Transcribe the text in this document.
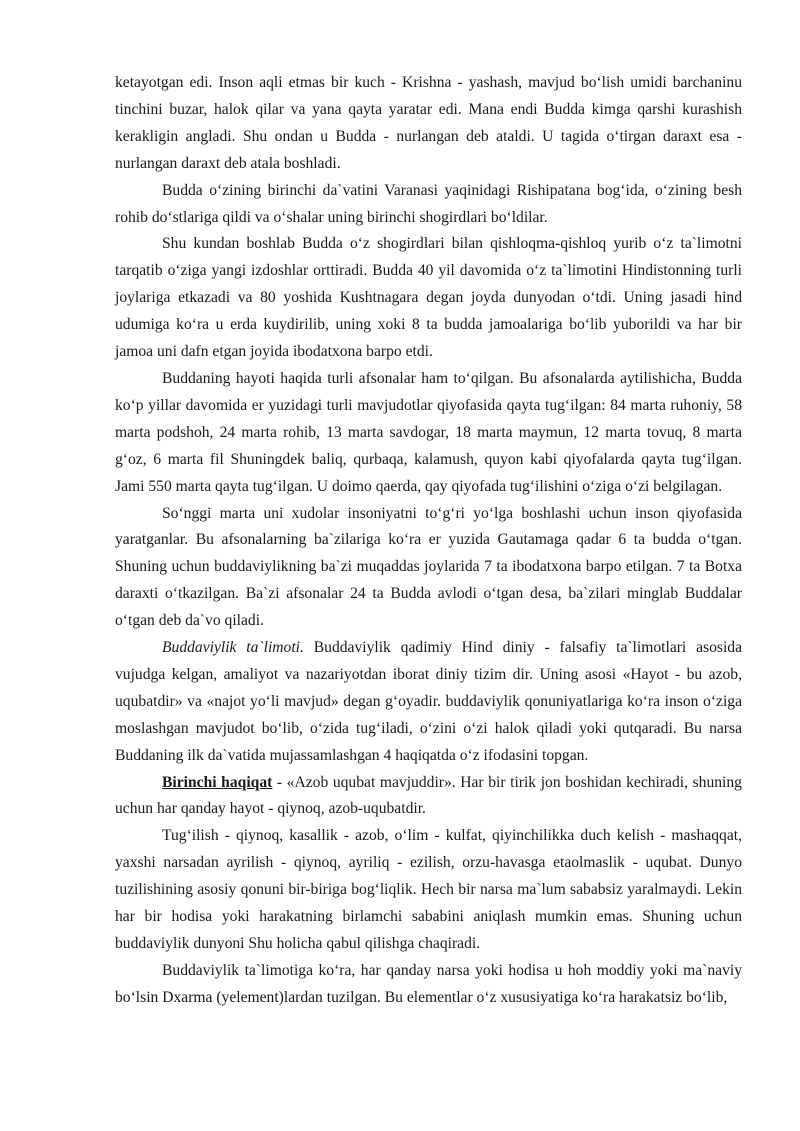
ketayotgan edi. Inson aqli etmas bir kuch - Krishna - yashash, mavjud boʻlish umidi barchaninu tinchini buzar, halok qilar va yana qayta yaratar edi. Mana endi Budda kimga qarshi kurashish kerakligin angladi. Shu ondan u Budda - nurlangan deb ataldi. U tagida oʻtirgan daraxt esa - nurlangan daraxt deb atala boshladi.

Budda oʻzining birinchi da`vatini Varanasi yaqinidagi Rishipatana bogʻida, oʻzining besh rohib doʻstlariga qildi va oʻshalar uning birinchi shogirdlari boʻldilar.

Shu kundan boshlab Budda oʻz shogirdlari bilan qishloqma-qishloq yurib oʻz ta`limotni tarqatib oʻziga yangi izdoshlar orttiradi. Budda 40 yil davomida oʻz ta`limotini Hindistonning turli joylariga etkazadi va 80 yoshida Kushtnagara degan joyda dunyodan oʻtdi. Uning jasadi hind udumiga koʻra u erda kuydirilib, uning xoki 8 ta budda jamoalariga boʻlib yuborildi va har bir jamoa uni dafn etgan joyida ibodatxona barpo etdi.

Buddaning hayoti haqida turli afsonalar ham toʻqilgan. Bu afsonalarda aytilishicha, Budda koʻp yillar davomida er yuzidagi turli mavjudotlar qiyofasida qayta tugʻilgan: 84 marta ruhoniy, 58 marta podshoh, 24 marta rohib, 13 marta savdogar, 18 marta maymun, 12 marta tovuq, 8 marta gʻoz, 6 marta fil Shuningdek baliq, qurbaqa, kalamush, quyon kabi qiyofalarda qayta tugʻilgan. Jami 550 marta qayta tugʻilgan. U doimo qaerda, qay qiyofada tugʻilishini oʻziga oʻzi belgilagan.

Soʻnggi marta uni xudolar insoniyatni toʻgʻri yoʻlga boshlashi uchun inson qiyofasida yaratganlar. Bu afsonalarning ba`zilariga koʻra er yuzida Gautamaga qadar 6 ta budda oʻtgan. Shuning uchun buddaviylikning ba`zi muqaddas joylarida 7 ta ibodatxona barpo etilgan. 7 ta Botxa daraxti oʻtkazilgan. Ba`zi afsonalar 24 ta Budda avlodi oʻtgan desa, ba`zilari minglab Buddalar oʻtgan deb da`vo qiladi.

Buddaviylik ta`limoti. Buddaviylik qadimiy Hind diniy - falsafiy ta`limotlari asosida vujudga kelgan, amaliyot va nazariyotdan iborat diniy tizim dir. Uning asosi «Hayot - bu azob, uqubatdir» va «najot yoʻli mavjud» degan gʻoyadir. buddaviylik qonuniyatlariga koʻra inson oʻziga moslashgan mavjudot boʻlib, oʻzida tugʻiladi, oʻzini oʻzi halok qiladi yoki qutqaradi. Bu narsa Buddaning ilk da`vatida mujassamlashgan 4 haqiqatda oʻz ifodasini topgan.

Birinchi haqiqat - «Azob uqubat mavjuddir». Har bir tirik jon boshidan kechiradi, shuning uchun har qanday hayot - qiynoq, azob-uqubatdir.

Tugʻilish - qiynoq, kasallik - azob, oʻlim - kulfat, qiyinchilikka duch kelish - mashaqqat, yaxshi narsadan ayrilish - qiynoq, ayriliq - ezilish, orzu-havasga etaolmaslik - uqubat. Dunyo tuzilishining asosiy qonuni bir-biriga bogʻliqlik. Hech bir narsa ma`lum sababsiz yaralmaydi. Lekin har bir hodisa yoki harakatning birlamchi sababini aniqlash mumkin emas. Shuning uchun buddaviylik dunyoni Shu holicha qabul qilishga chaqiradi.

Buddaviylik ta`limotiga koʻra, har qanday narsa yoki hodisa u hoh moddiy yoki ma`naviy boʻlsin Dxarma (yelement)lardan tuzilgan. Bu elementlar oʻz xususiyatiga koʻra harakatsiz boʻlib,
